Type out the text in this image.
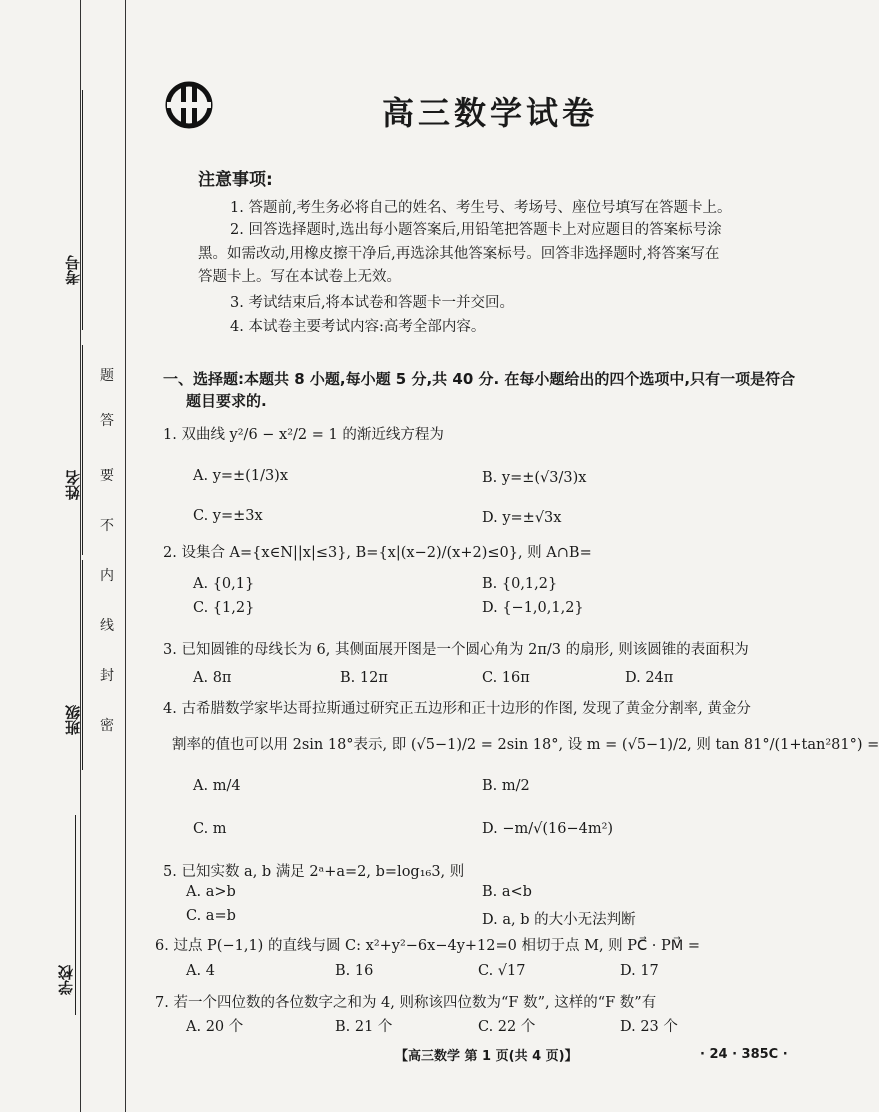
考号
姓名
班级
学校
题
答
要
不
内
线
封
密
高三数学试卷
注意事项:
1. 答题前,考生务必将自己的姓名、考生号、考场号、座位号填写在答题卡上。
2. 回答选择题时,选出每小题答案后,用铅笔把答题卡上对应题目的答案标号涂
黑。如需改动,用橡皮擦干净后,再选涂其他答案标号。回答非选择题时,将答案写在
答题卡上。写在本试卷上无效。
3. 考试结束后,将本试卷和答题卡一并交回。
4. 本试卷主要考试内容:高考全部内容。
一、选择题:本题共 8 小题,每小题 5 分,共 40 分. 在每小题给出的四个选项中,只有一项是符合
题目要求的.
1. 双曲线 y²/6 − x²/2 = 1 的渐近线方程为
A. y=±(1/3)x	B. y=±(√3/3)x
C. y=±3x	D. y=±√3x
2. 设集合 A={x∈N||x|≤3}, B={x|(x−2)/(x+2)≤0}, 则 A∩B=
A. {0,1}	B. {0,1,2}
C. {1,2}	D. {−1,0,1,2}
3. 已知圆锥的母线长为 6, 其侧面展开图是一个圆心角为 2π/3 的扇形, 则该圆锥的表面积为
A. 8π	B. 12π	C. 16π	D. 24π
4. 古希腊数学家毕达哥拉斯通过研究正五边形和正十边形的作图, 发现了黄金分割率, 黄金分
割率的值也可以用 2sin 18°表示, 即 (√5−1)/2 = 2sin 18°, 设 m = (√5−1)/2, 则 tan 81°/(1+tan²81°) =
A. m/4	B. m/2
C. m	D. −m/√(16−4m²)
5. 已知实数 a, b 满足 2ᵃ+a=2, b=log₁₆3, 则
A. a>b	B. a<b
C. a=b	D. a, b 的大小无法判断
6. 过点 P(−1,1) 的直线与圆 C: x²+y²−6x−4y+12=0 相切于点 M, 则 PC⃗ · PM⃗ =
A. 4	B. 16	C. √17	D. 17
7. 若一个四位数的各位数字之和为 4, 则称该四位数为“F 数”, 这样的“F 数”有
A. 20 个	B. 21 个	C. 22 个	D. 23 个
【高三数学 第 1 页(共 4 页)】	· 24 · 385C ·
